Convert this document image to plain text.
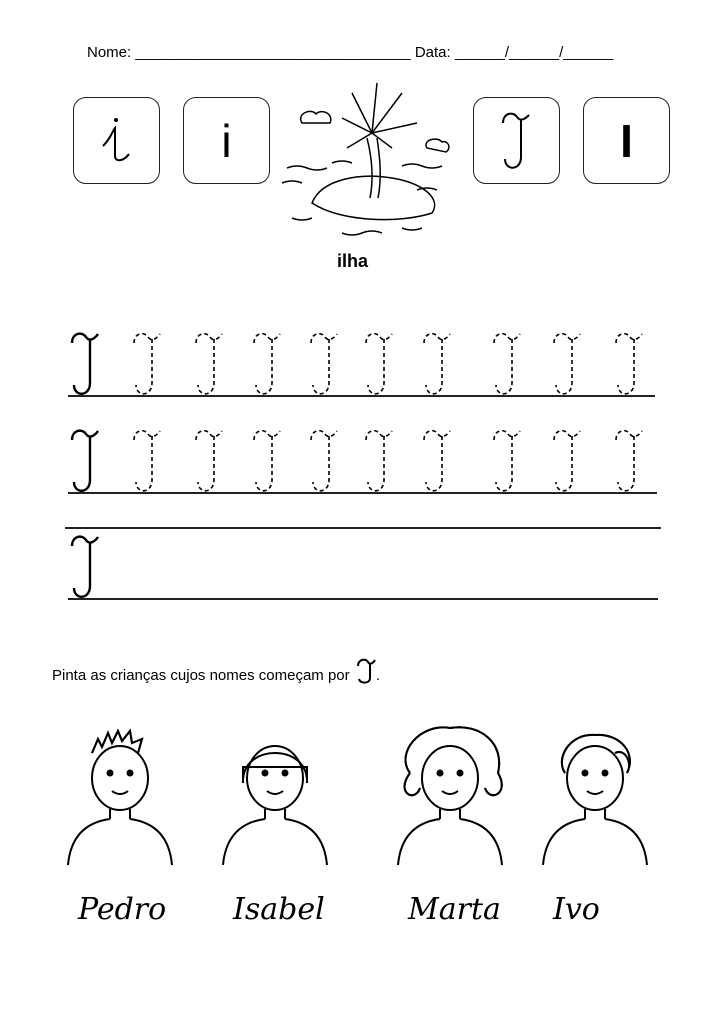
Nome: _________________________________ Data: ______/______/______
i	I
ilha
Pinta as crianças cujos nomes começam por .
Pedro Isabel	Marta Ivo
